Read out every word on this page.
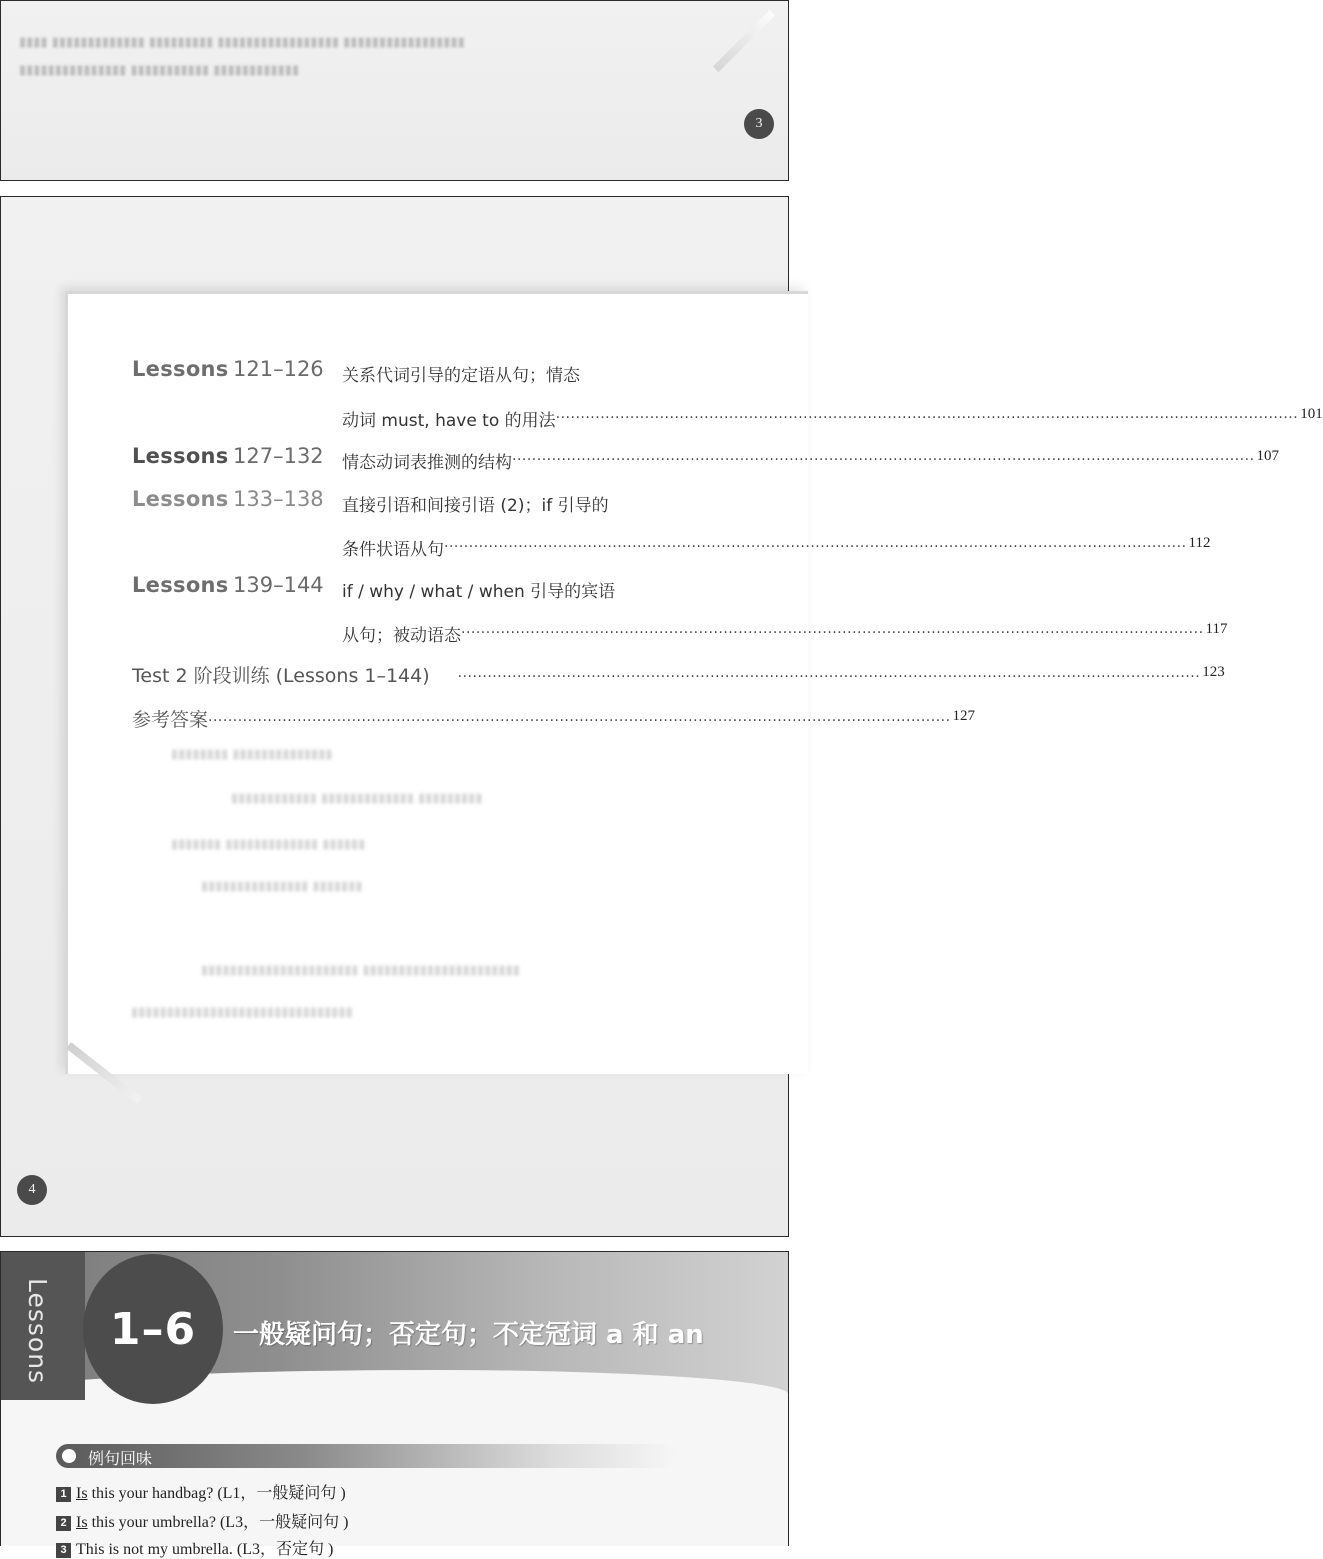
▮▮▮▮ ▮▮▮▮▮▮▮▮▮▮▮▮▮ ▮▮▮▮▮▮▮▮▮ ▮▮▮▮▮▮▮▮▮▮▮▮▮▮▮▮▮ ▮▮▮▮▮▮▮▮▮▮▮▮▮▮▮▮▮
▮▮▮▮▮▮▮▮▮▮▮▮▮▮▮ ▮▮▮▮▮▮▮▮▮▮▮ ▮▮▮▮▮▮▮▮▮▮▮▮
3
▮▮▮▮▮▮▮▮ ▮▮▮▮▮▮▮▮▮▮▮▮▮▮
▮▮▮▮▮▮▮▮▮▮▮▮ ▮▮▮▮▮▮▮▮▮▮▮▮▮ ▮▮▮▮▮▮▮▮▮
▮▮▮▮▮▮▮ ▮▮▮▮▮▮▮▮▮▮▮▮▮ ▮▮▮▮▮▮
▮▮▮▮▮▮▮▮▮▮▮▮▮▮▮ ▮▮▮▮▮▮▮
▮▮▮▮▮▮▮▮▮▮▮▮▮▮▮▮▮▮▮▮▮▮ ▮▮▮▮▮▮▮▮▮▮▮▮▮▮▮▮▮▮▮▮▮▮
▮▮▮▮▮▮▮▮▮▮▮▮▮▮▮▮▮▮▮▮▮▮▮▮▮▮▮▮▮▮▮
Lessons 121–126 关系代词引导的定语从句；情态
动词 must, have to 的用法 ...................................................................................................................................................... 101
Lessons 127–132 情态动词表推测的结构 ...................................................................................................................................................... 107
Lessons 133–138 直接引语和间接引语 (2)；if 引导的
条件状语从句 ...................................................................................................................................................... 112
Lessons 139–144 if / why / what / when 引导的宾语
从句；被动语态 ...................................................................................................................................................... 117
Test 2 阶段训练 (Lessons 1–144) ...................................................................................................................................................... 123
参考答案 ...................................................................................................................................................... 127
4
Lessons	1–6	一般疑问句；否定句；不定冠词 a 和 an
例句回味
1 Is this your handbag? (L1，一般疑问句 )
2 Is this your umbrella? (L3，一般疑问句 )
3 This is not my umbrella. (L3，否定句 )
